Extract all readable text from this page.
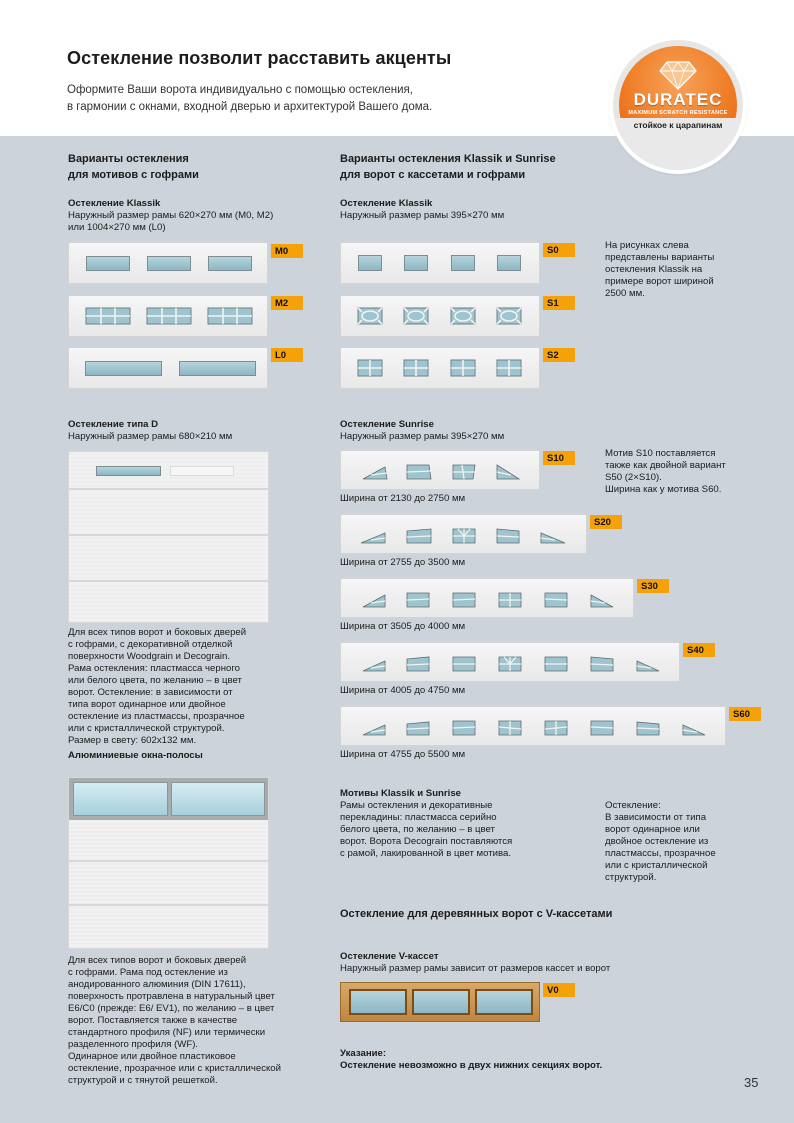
Остеклениe позволит расставить акценты
Оформите Ваши ворота индивидуально с помощью остекления,
в гармонии с окнами, входной дверью и архитектурой Вашего дома.	DURATEC
MAXIMUM SCRATCH RESISTANCE
стойкое к царапинам
Варианты остекления
для мотивов с гофрами
Остекление Klassik
Наружный размер рамы 620×270 мм (M0, M2)
или 1004×270 мм (L0)
M0
M2
L0
Остекление типа D
Наружный размер рамы 680×210 мм
Для всех типов ворот и боковых дверей
с гофрами, с декоративной отделкой
поверхности Woodgrain и Decograin.
Рама остекления: пластмасса черного
или белого цвета, по желанию – в цвет
ворот. Остекление: в зависимости от
типа ворот одинарное или двойное
остекление из пластмассы, прозрачное
или с кристаллической структурой.
Размер в свету: 602x132 мм.
Алюминиевые окна-полосы
Для всех типов ворот и боковых дверей
с гофрами. Рама под остекление из
анодированного алюминия (DIN 17611),
поверхность протравлена в натуральный цвет
E6/C0 (прежде: E6/ EV1), по желанию – в цвет
ворот. Поставляется также в качестве
стандартного профиля (NF) или термически
разделенного профиля (WF).
Одинарное или двойное пластиковое
остекление, прозрачное или с кристаллической
структурой и с тянутой решеткой.
Варианты остекления Klassik и Sunrise
для ворот с кассетами и гофрами
Остекление Klassik
Наружный размер рамы 395×270 мм
S0
S1
S2
На рисунках слева
представлены варианты
остекления Klassik на
примере ворот шириной
2500 мм.
Остекление Sunrise
Наружный размер рамы 395×270 мм
Мотив S10 поставляется
также как двойной вариант
S50 (2×S10).
Ширина как у мотива S60.
S10
Ширина от 2130 до 2750 мм
S20
Ширина от 2755 до 3500 мм
S30
Ширина от 3505 до 4000 мм
S40
Ширина от 4005 до 4750 мм
S60
Ширина от 4755 до 5500 мм
Мотивы Klassik и Sunrise
Рамы остекления и декоративные
перекладины: пластмасса серийно
белого цвета, по желанию – в цвет
ворот. Ворота Decograin поставляются
с рамой, лакированной в цвет мотива.
Остекление:
В зависимости от типа
ворот одинарное или
двойное остекление из
пластмассы, прозрачное
или с кристаллической
структурой.
Остекление для деревянных ворот с V-кассетами
Остекление V-кассет
Наружный размер рамы зависит от размеров кассет и ворот
V0
Указание:
Остекление невозможно в двух нижних секциях ворот.
35
